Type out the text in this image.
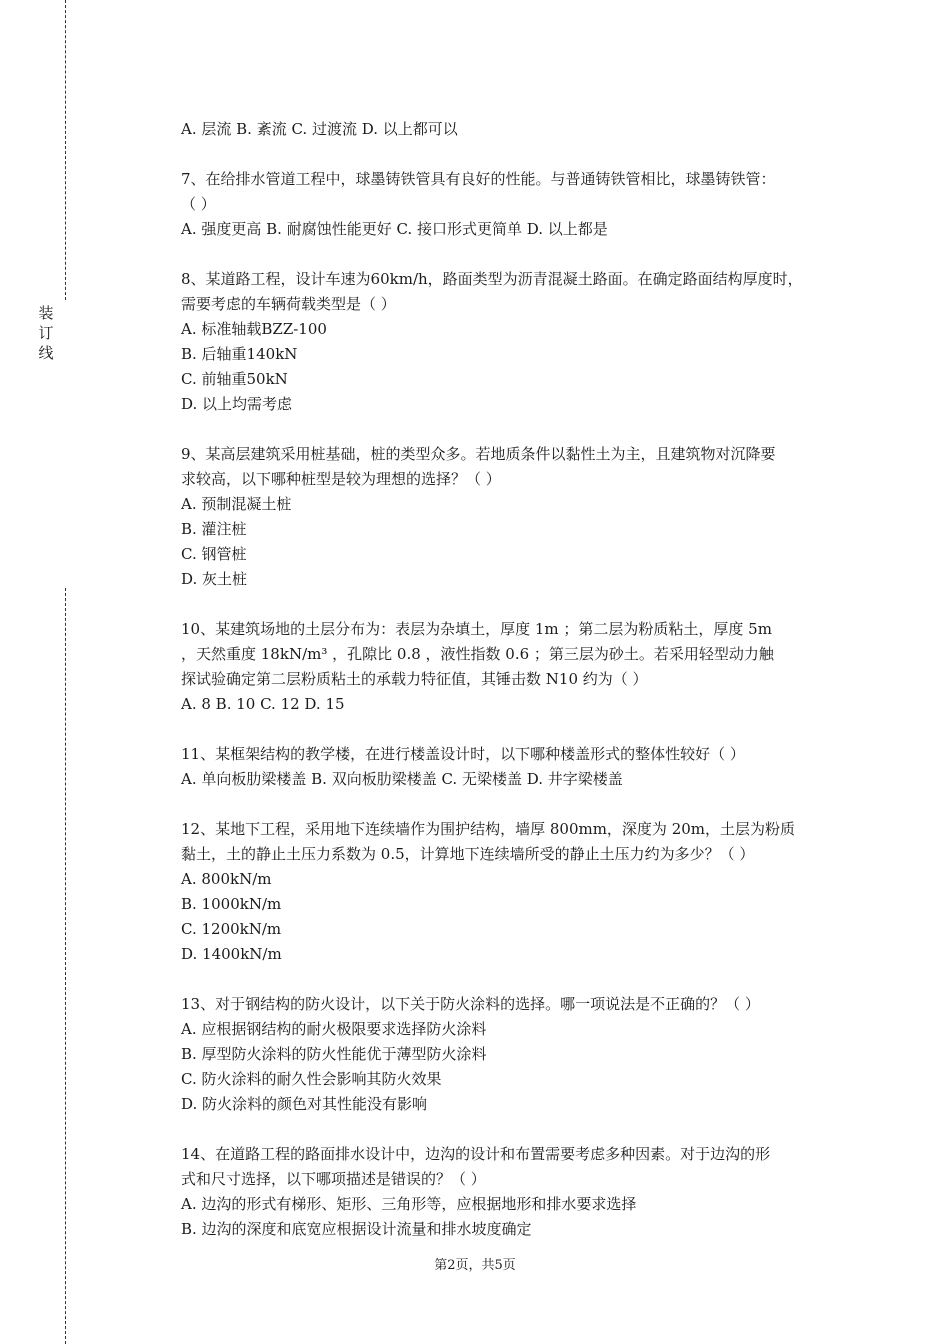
装
订
线
A. 层流 B. 紊流 C. 过渡流 D. 以上都可以
7、在给排水管道工程中，球墨铸铁管具有良好的性能。与普通铸铁管相比，球墨铸铁管：
（ ）
A. 强度更高 B. 耐腐蚀性能更好 C. 接口形式更简单 D. 以上都是
8、某道路工程，设计车速为60km/h，路面类型为沥青混凝土路面。在确定路面结构厚度时，
需要考虑的车辆荷载类型是（ ）
A. 标准轴载BZZ-100
B. 后轴重140kN
C. 前轴重50kN
D. 以上均需考虑
9、某高层建筑采用桩基础，桩的类型众多。若地质条件以黏性土为主，且建筑物对沉降要
求较高，以下哪种桩型是较为理想的选择？（ ）
A. 预制混凝土桩
B. 灌注桩
C. 钢管桩
D. 灰土桩
10、某建筑场地的土层分布为：表层为杂填土，厚度 1m ；第二层为粉质粘土，厚度 5m
，天然重度 18kN/m³ ，孔隙比 0.8 ，液性指数 0.6 ；第三层为砂土。若采用轻型动力触
探试验确定第二层粉质粘土的承载力特征值，其锤击数 N10 约为（ ）
A. 8 B. 10 C. 12 D. 15
11、某框架结构的教学楼，在进行楼盖设计时，以下哪种楼盖形式的整体性较好（ ）
A. 单向板肋梁楼盖 B. 双向板肋梁楼盖 C. 无梁楼盖 D. 井字梁楼盖
12、某地下工程，采用地下连续墙作为围护结构，墙厚 800mm，深度为 20m，土层为粉质
黏土，土的静止土压力系数为 0.5，计算地下连续墙所受的静止土压力约为多少？（ ）
A. 800kN/m
B. 1000kN/m
C. 1200kN/m
D. 1400kN/m
13、对于钢结构的防火设计，以下关于防火涂料的选择。哪一项说法是不正确的？（ ）
A. 应根据钢结构的耐火极限要求选择防火涂料
B. 厚型防火涂料的防火性能优于薄型防火涂料
C. 防火涂料的耐久性会影响其防火效果
D. 防火涂料的颜色对其性能没有影响
14、在道路工程的路面排水设计中，边沟的设计和布置需要考虑多种因素。对于边沟的形
式和尺寸选择，以下哪项描述是错误的？（ ）
A. 边沟的形式有梯形、矩形、三角形等，应根据地形和排水要求选择
B. 边沟的深度和底宽应根据设计流量和排水坡度确定
第2页，共5页
